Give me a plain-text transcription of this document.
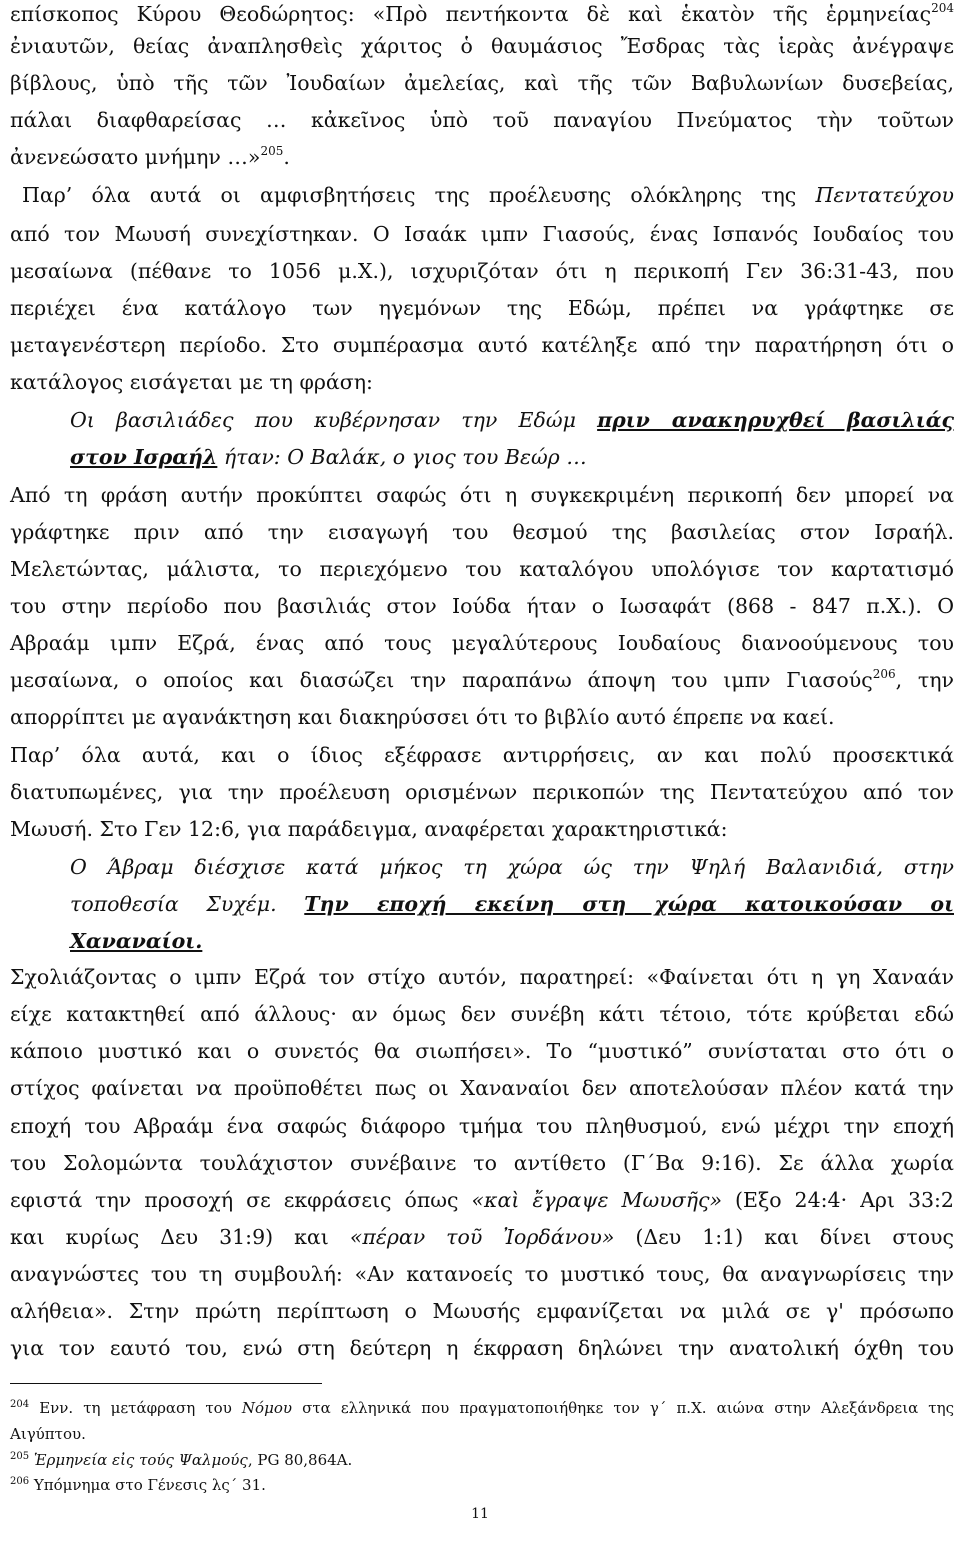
επίσκοπος Κύρου Θεοδώρητος: «Πρὸ πεντήκοντα δὲ καὶ ἑκατὸν τῆς ἑρμηνείας$^{204}$
ἐνιαυτῶν, θείας ἀναπλησθεὶς χάριτος ὁ θαυμάσιος Ἔσδρας τὰς ἱερὰς ἀνέγραψε
βίβλους, ὑπὸ τῆς τῶν Ἰουδαίων ἀμελείας, καὶ τῆς τῶν Βαβυλωνίων δυσεβείας,
πάλαι διαφθαρείσας … κἀκεῖνος ὑπὸ τοῦ παναγίου Πνεύματος τὴν τοῦτων
ἀνενεώσατο μνήμην …»$^{205}$.
Παρ’ όλα αυτά οι αμφισβητήσεις της προέλευσης ολόκληρης της Πεντατεύχου
από τον Μωυσή συνεχίστηκαν. Ο Ισαάκ ιμπν Γιασούς, ένας Ισπανός Ιουδαίος του
μεσαίωνα (πέθανε το 1056 μ.Χ.), ισχυριζόταν ότι η περικοπή Γεν 36:31-43, που
περιέχει ένα κατάλογο των ηγεμόνων της Εδώμ, πρέπει να γράφτηκε σε
μεταγενέστερη περίοδο. Στο συμπέρασμα αυτό κατέληξε από την παρατήρηση ότι ο
κατάλογος εισάγεται με τη φράση:
Οι βασιλιάδες που κυβέρνησαν την Εδώμ πριν ανακηρυχθεί βασιλιάς
στον Ισραήλ ήταν: Ο Βαλάκ, ο γιος του Βεώρ …
Από τη φράση αυτήν προκύπτει σαφώς ότι η συγκεκριμένη περικοπή δεν μπορεί να
γράφτηκε πριν από την εισαγωγή του θεσμού της βασιλείας στον Ισραήλ.
Μελετώντας, μάλιστα, το περιεχόμενο του καταλόγου υπολόγισε τον καρτατισμό
του στην περίοδο που βασιλιάς στον Ιούδα ήταν ο Ιωσαφάτ (868 - 847 π.Χ.). Ο
Αβραάμ ιμπν Εζρά, ένας από τους μεγαλύτερους Ιουδαίους διανοούμενους του
μεσαίωνα, ο οποίος και διασώζει την παραπάνω άποψη του ιμπν Γιασούς$^{206}$, την
απορρίπτει με αγανάκτηση και διακηρύσσει ότι το βιβλίο αυτό έπρεπε να καεί.
Παρ’ όλα αυτά, και ο ίδιος εξέφρασε αντιρρήσεις, αν και πολύ προσεκτικά
διατυπωμένες, για την προέλευση ορισμένων περικοπών της Πεντατεύχου από τον
Μωυσή. Στο Γεν 12:6, για παράδειγμα, αναφέρεται χαρακτηριστικά:
Ο Άβραμ διέσχισε κατά μήκος τη χώρα ώς την Ψηλή Βαλανιδιά, στην
τοποθεσία Συχέμ. Την εποχή εκείνη στη χώρα κατοικούσαν οι
Χαναναίοι.
Σχολιάζοντας ο ιμπν Εζρά τον στίχο αυτόν, παρατηρεί: «Φαίνεται ότι η γη Χαναάν
είχε κατακτηθεί από άλλους· αν όμως δεν συνέβη κάτι τέτοιο, τότε κρύβεται εδώ
κάποιο μυστικό και ο συνετός θα σιωπήσει». Το “μυστικό” συνίσταται στο ότι ο
στίχος φαίνεται να προϋποθέτει πως οι Χαναναίοι δεν αποτελούσαν πλέον κατά την
εποχή του Αβραάμ ένα σαφώς διάφορο τμήμα του πληθυσμού, ενώ μέχρι την εποχή
του Σολομώντα τουλάχιστον συνέβαινε το αντίθετο (Γ΄Βα 9:16). Σε άλλα χωρία
εφιστά την προσοχή σε εκφράσεις όπως «καὶ ἔγραψε Μωυσῆς» (Εξο 24:4· Αρι 33:2
και κυρίως Δευ 31:9) και «πέραν τοῦ Ἰορδάνου» (Δευ 1:1) και δίνει στους
αναγνώστες του τη συμβουλή: «Αν κατανοείς το μυστικό τους, θα αναγνωρίσεις την
αλήθεια». Στην πρώτη περίπτωση ο Μωυσής εμφανίζεται να μιλά σε γ' πρόσωπο
για τον εαυτό του, ενώ στη δεύτερη η έκφραση δηλώνει την ανατολική όχθη του
$^{204}$ Ενν. τη μετάφραση του Νόμου στα ελληνικά που πραγματοποιήθηκε τον γ΄ π.Χ. αιώνα στην Αλεξάνδρεια της
Αιγύπτου.
$^{205}$ Ἑρμηνεία εἰς τούς Ψαλμούς, PG 80,864A.
$^{206}$ Υπόμνημα στο Γένεσις λς΄ 31.
11
